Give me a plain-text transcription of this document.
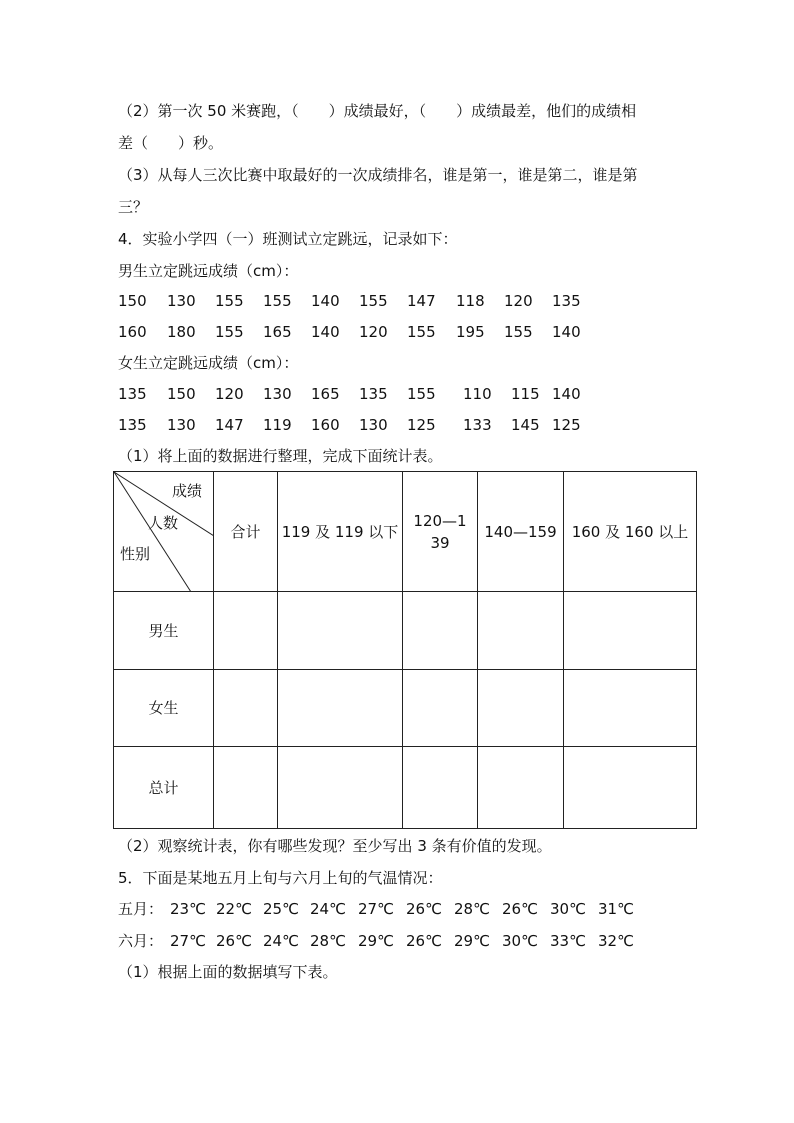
（2）第一次 50 米赛跑，（　　）成绩最好，（　　）成绩最差，他们的成绩相
差（　　）秒。
（3）从每人三次比赛中取最好的一次成绩排名，谁是第一，谁是第二，谁是第
三？
4．实验小学四（一）班测试立定跳远，记录如下：
男生立定跳远成绩（cm）：
150 130 155 155 140 155 147 118 120 135
160 180 155 165 140 120 155 195 155 140
女生立定跳远成绩（cm）：
135 150 120 130 165 135 155 110 115 140
135 130 147 119 160 130 125 133 145 125
（1）将上面的数据进行整理，完成下面统计表。
成绩
人数
性别	合计	119 及 119 以下	120—139	140—159	160 及 160 以上
男生					
女生					
总计					
（2）观察统计表，你有哪些发现？至少写出 3 条有价值的发现。
5．下面是某地五月上旬与六月上旬的气温情况：
五月： 23℃ 22℃ 25℃ 24℃ 27℃ 26℃ 28℃ 26℃ 30℃ 31℃
六月： 27℃ 26℃ 24℃ 28℃ 29℃ 26℃ 29℃ 30℃ 33℃ 32℃
（1）根据上面的数据填写下表。
